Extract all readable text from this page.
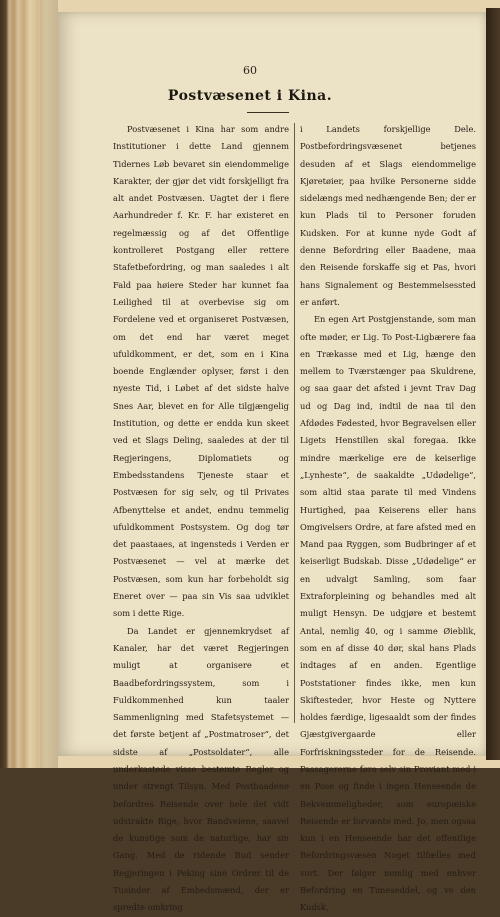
60
Postvæsenet i Kina.

Postvæsenet i Kina har som andre Institutioner i dette Land gjennem Tidernes Løb bevaret sin eiendommelige Karakter, der gjør det vidt forskjelligt fra alt andet Postvæsen. Uagtet der i flere Aarhundreder f. Kr. F. har existeret en regelmæssig og af det Offentlige kontrolleret Postgang eller rettere Stafetbefordring, og man saaledes i alt Fald paa høiere Steder har kunnet faa Leilighed til at overbevise sig om Fordelene ved et organiseret Postvæsen, om det end har været meget ufuldkomment, er det, som en i Kina boende Englænder oplyser, først i den nyeste Tid, i Løbet af det sidste halve Snes Aar, blevet en for Alle tilgjængelig Institution, og dette er endda kun skeet ved et Slags Deling, saaledes at der til Regjeringens, Diplomatiets og Embedsstandens Tjeneste staar et Postvæsen for sig selv, og til Privates Afbenyttelse et andet, endnu temmelig ufuldkomment Postsystem. Og dog tør det paastaaes, at ingensteds i Verden er Postvæsenet — vel at mærke det Postvæsen, som kun har forbeholdt sig Eneret over — paa sin Vis saa udviklet som i dette Rige.

Da Landet er gjennemkrydset af Kanaler, har det været Regjeringen muligt at organisere et Baadbefordringssystem, som i Fuldkommenhed kun taaler Sammenligning med Stafetsystemet — det første betjent af „Postmatroser“, det sidste af „Postsoldater“, alle underkastede visse bestemte Regler og under strengt Tilsyn. Med Postbaadene befordres Reisende over hele det vidt udstrakte Rige, hvor Bandveiene, saavel de kunstige som de naturlige, har sin Gang. Med de ridende Bud sender Regjeringen i Peking sine Ordrer til de Tusinder af Embedsmænd, der er spredte omkring

i Landets forskjellige Dele. Postbefordringsvæsenet betjenes desuden af et Slags eiendommelige Kjøretøier, paa hvilke Personerne sidde sidelængs med nedhængende Ben; der er kun Plads til to Personer foruden Kudsken. For at kunne nyde Godt af denne Befordring eller Baadene, maa den Reisende forskaffe sig et Pas, hvori hans Signalement og Bestemmelsessted er anført.

En egen Art Postgjenstande, som man ofte møder, er Lig. To Post-Ligbærere faa en Trækasse med et Lig, hænge den mellem to Tværstænger paa Skuldrene, og saa gaar det afsted i jevnt Trav Dag ud og Dag ind, indtil de naa til den Afdødes Fødested, hvor Begravelsen eller Ligets Henstillen skal foregaa. Ikke mindre mærkelige ere de keiserlige „Lynheste“, de saakaldte „Udødelige“, som altid staa parate til med Vindens Hurtighed, paa Keiserens eller hans Omgivelsers Ordre, at fare afsted med en Mand paa Ryggen, som Budbringer af et keiserligt Budskab. Disse „Udødelige“ er en udvalgt Samling, som faar Extraforpleining og behandles med alt muligt Hensyn. De udgjøre et bestemt Antal, nemlig 40, og i samme Øieblik, som en af disse 40 dør, skal hans Plads indtages af en anden. Egentlige Poststationer findes ikke, men kun Skiftesteder, hvor Heste og Nyttere holdes færdige, ligesaaldt som der findes Gjæstgivergaarde eller Forfriskningssteder for de Reisende. Passagererne føre selv sin Proviant med i en Pose og finde i ingen Henseende de Bekvemmeligheder, som europæiske Reisende er forvænte med. Jo, men ogsaa kun i en Henseende har det offentlige Befordringsvæsen Noget tilfælles med vort. Der følger nemlig med enhver Befordring en Timeseddel, og ve den Kudsk,
